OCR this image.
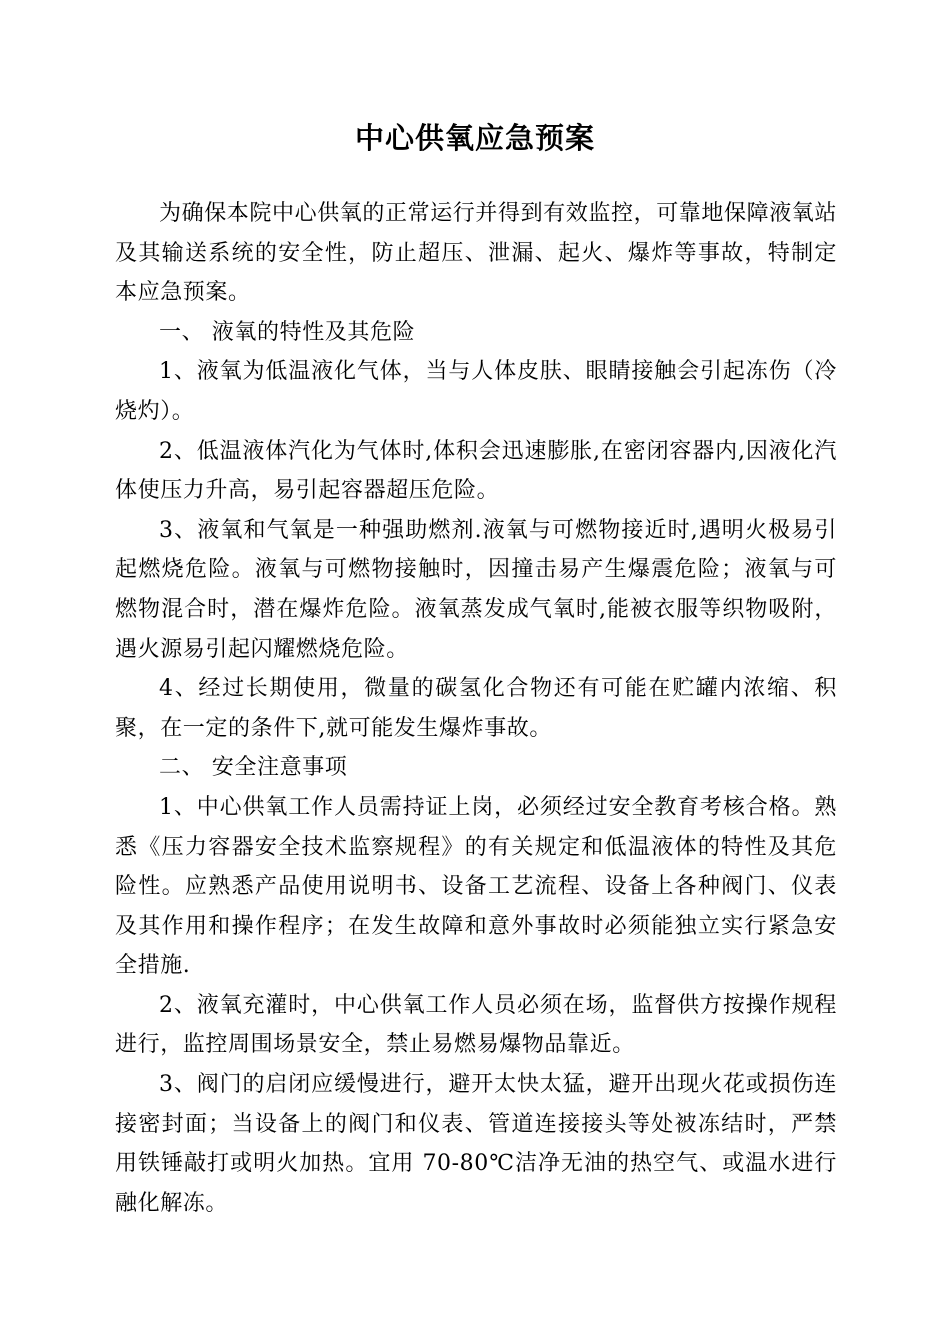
中心供氧应急预案

为确保本院中心供氧的正常运行并得到有效监控，可靠地保障液氧站及其输送系统的安全性，防止超压、泄漏、起火、爆炸等事故，特制定本应急预案。

一、 液氧的特性及其危险

1、液氧为低温液化气体，当与人体皮肤、眼睛接触会引起冻伤（冷烧灼）。

2、低温液体汽化为气体时,体积会迅速膨胀,在密闭容器内,因液化汽体使压力升高，易引起容器超压危险。

3、液氧和气氧是一种强助燃剂.液氧与可燃物接近时,遇明火极易引起燃烧危险。液氧与可燃物接触时，因撞击易产生爆震危险；液氧与可燃物混合时，潜在爆炸危险。液氧蒸发成气氧时,能被衣服等织物吸附，遇火源易引起闪耀燃烧危险。

4、经过长期使用，微量的碳氢化合物还有可能在贮罐内浓缩、积聚，在一定的条件下,就可能发生爆炸事故。

二、 安全注意事项

1、中心供氧工作人员需持证上岗，必须经过安全教育考核合格。熟悉《压力容器安全技术监察规程》的有关规定和低温液体的特性及其危险性。应熟悉产品使用说明书、设备工艺流程、设备上各种阀门、仪表及其作用和操作程序；在发生故障和意外事故时必须能独立实行紧急安全措施.

2、液氧充灌时，中心供氧工作人员必须在场，监督供方按操作规程进行，监控周围场景安全，禁止易燃易爆物品靠近。

3、阀门的启闭应缓慢进行，避开太快太猛，避开出现火花或损伤连接密封面；当设备上的阀门和仪表、管道连接接头等处被冻结时，严禁用铁锤敲打或明火加热。宜用 70-80℃洁净无油的热空气、或温水进行融化解冻。
